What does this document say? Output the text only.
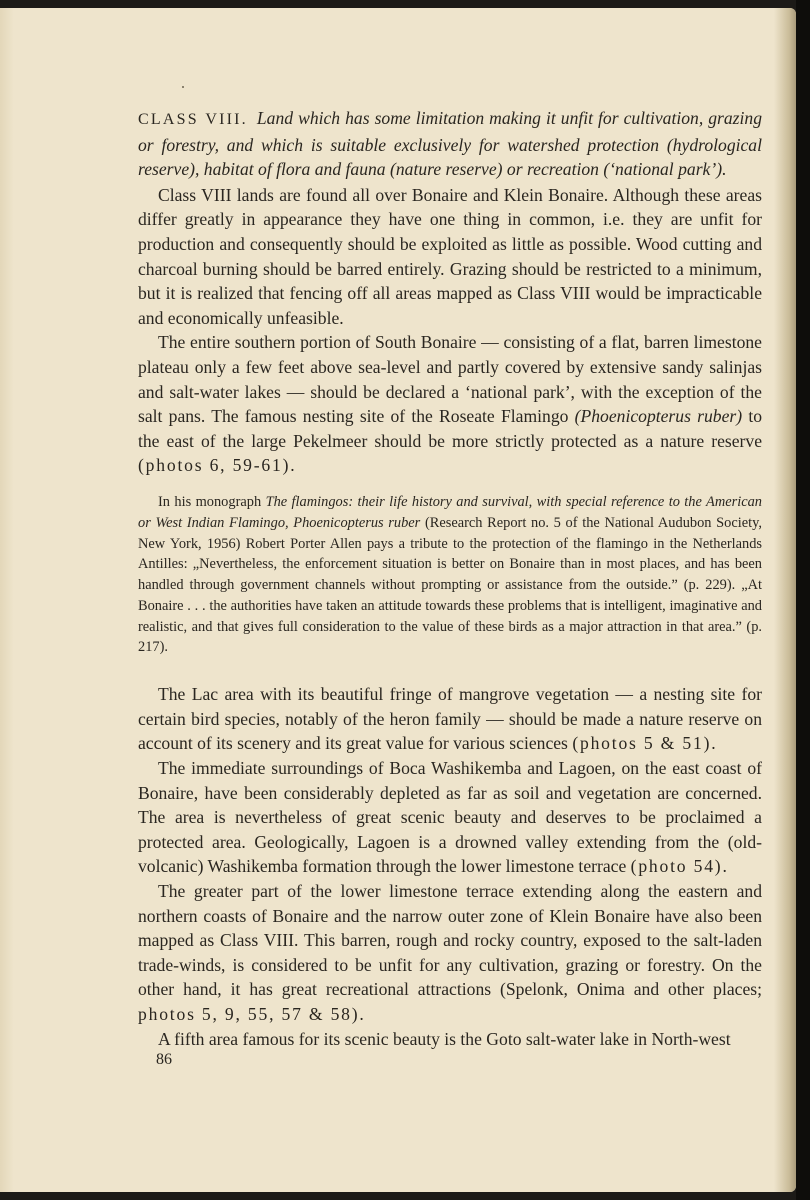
CLASS VIII. Land which has some limitation making it unfit for cultivation, grazing or forestry, and which is suitable exclusively for watershed protection (hydrological reserve), habitat of flora and fauna (nature reserve) or recreation (‘national park’).

Class VIII lands are found all over Bonaire and Klein Bonaire. Although these areas differ greatly in appearance they have one thing in common, i.e. they are unfit for production and consequently should be exploited as little as possible. Wood cutting and charcoal burning should be barred entirely. Grazing should be restricted to a minimum, but it is realized that fencing off all areas mapped as Class VIII would be impracticable and economically unfeasible.

The entire southern portion of South Bonaire — consisting of a flat, barren limestone plateau only a few feet above sea-level and partly covered by extensive sandy salinjas and salt-water lakes — should be declared a ‘national park’, with the exception of the salt pans. The famous nesting site of the Roseate Flamingo (Phoenicopterus ruber) to the east of the large Pekelmeer should be more strictly protected as a nature reserve (photos 6, 59-61).

In his monograph The flamingos: their life history and survival, with special reference to the American or West Indian Flamingo, Phoenicopterus ruber (Research Report no. 5 of the National Audubon Society, New York, 1956) Robert Porter Allen pays a tribute to the protection of the flamingo in the Netherlands Antilles: „Nevertheless, the enforcement situation is better on Bonaire than in most places, and has been handled through government channels without prompting or assistance from the outside.” (p. 229). „At Bonaire . . . the authorities have taken an attitude towards these problems that is intelligent, imaginative and realistic, and that gives full consideration to the value of these birds as a major attraction in that area.” (p. 217).

The Lac area with its beautiful fringe of mangrove vegetation — a nesting site for certain bird species, notably of the heron family — should be made a nature reserve on account of its scenery and its great value for various sciences (photos 5 & 51).

The immediate surroundings of Boca Washikemba and Lagoen, on the east coast of Bonaire, have been considerably depleted as far as soil and vegetation are concerned. The area is nevertheless of great scenic beauty and deserves to be proclaimed a protected area. Geologically, Lagoen is a drowned valley extending from the (old-volcanic) Washikemba formation through the lower limestone terrace (photo 54).

The greater part of the lower limestone terrace extending along the eastern and northern coasts of Bonaire and the narrow outer zone of Klein Bonaire have also been mapped as Class VIII. This barren, rough and rocky country, exposed to the salt-laden trade-winds, is considered to be unfit for any cultivation, grazing or forestry. On the other hand, it has great recreational attractions (Spelonk, Onima and other places; photos 5, 9, 55, 57 & 58).

A fifth area famous for its scenic beauty is the Goto salt-water lake in North-west

86
